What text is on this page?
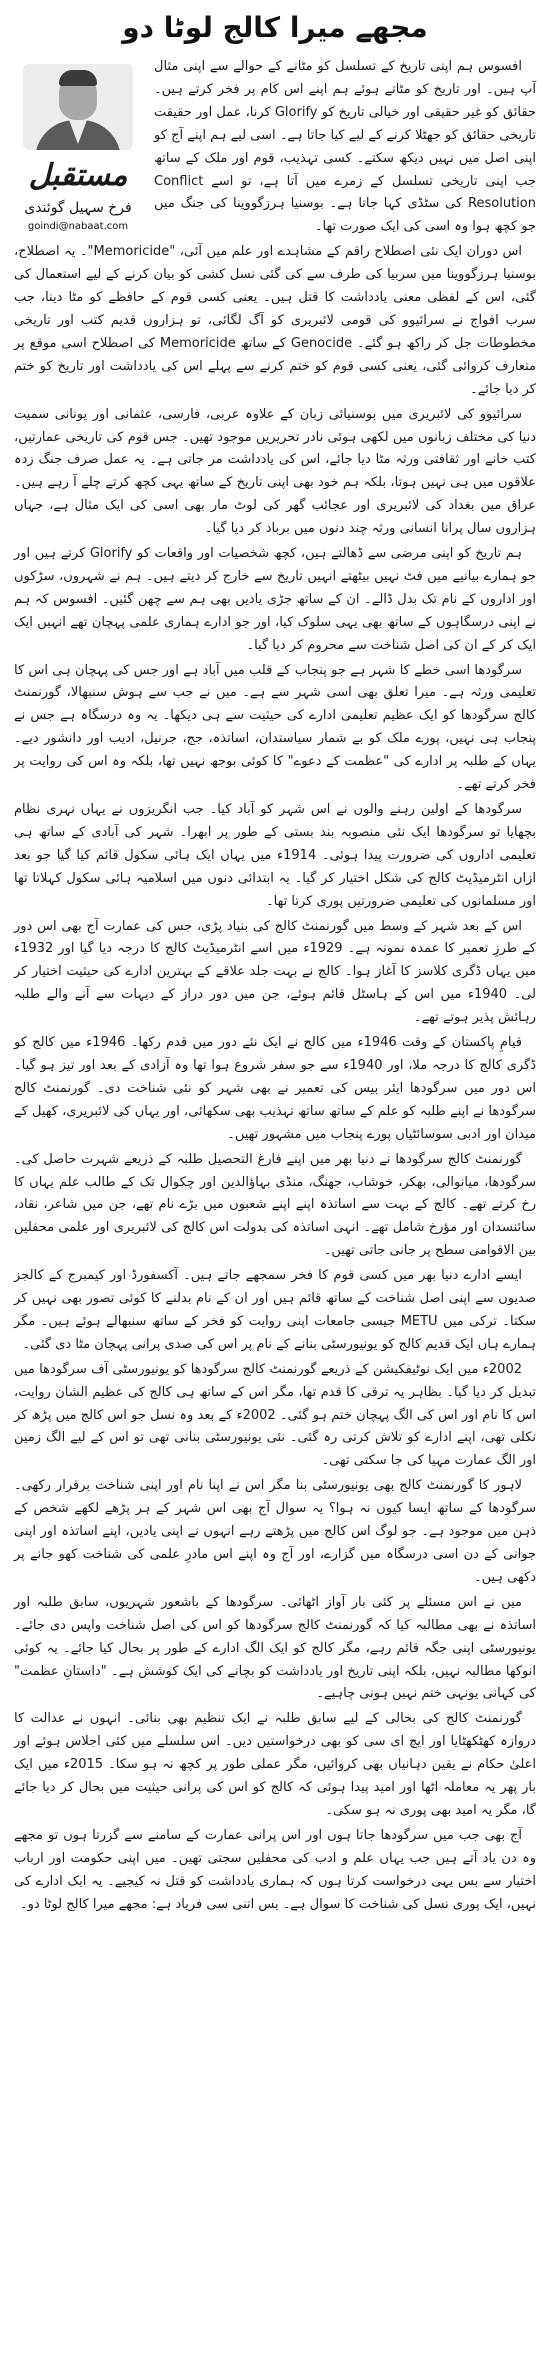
مجھے میرا کالج لوٹا دو
مستقبل
فرخ سہیل گوئندی
goindi@nabaat.com

افسوس ہم اپنی تاریخ کے تسلسل کو مٹانے کے حوالے سے اپنی مثال آپ ہیں۔ اور تاریخ کو مٹاتے ہوئے ہم اپنے اس کام پر فخر کرتے ہیں۔ حقائق کو غیر حقیقی اور خیالی تاریخ کو Glorify کرنا، عمل اور حقیقت تاریخی حقائق کو جھٹلا کرنے کے لیے کیا جاتا ہے۔ اسی لیے ہم اپنے آج کو اپنی اصل میں نہیں دیکھ سکتے۔ کسی تہذیب، قوم اور ملک کے ساتھ جب اپنی تاریخی تسلسل کے زمرے میں آتا ہے، تو اسے Conflict Resolution کی سٹڈی کہا جاتا ہے۔ بوسنیا ہرزگووینا کی جنگ میں جو کچھ ہوا وہ اسی کی ایک صورت تھا۔

اس دوران ایک نئی اصطلاح راقم کے مشاہدے اور علم میں آئی، "Memoricide"۔ یہ اصطلاح، بوسنیا ہرزگووینا میں سربیا کی طرف سے کی گئی نسل کشی کو بیان کرنے کے لیے استعمال کی گئی، اس کے لفظی معنی یادداشت کا قتل ہیں۔ یعنی کسی قوم کے حافظے کو مٹا دینا، جب سرب افواج نے سرائیوو کی قومی لائبریری کو آگ لگائی، تو ہزاروں قدیم کتب اور تاریخی مخطوطات جل کر راکھ ہو گئے۔ Genocide کے ساتھ Memoricide کی اصطلاح اسی موقع پر متعارف کروائی گئی، یعنی کسی قوم کو ختم کرنے سے پہلے اس کی یادداشت اور تاریخ کو ختم کر دیا جائے۔

سرائیوو کی لائبریری میں بوسنیائی زبان کے علاوہ عربی، فارسی، عثمانی اور یونانی سمیت دنیا کی مختلف زبانوں میں لکھی ہوئی نادر تحریریں موجود تھیں۔ جس قوم کی تاریخی عمارتیں، کتب خانے اور ثقافتی ورثہ مٹا دیا جائے، اس کی یادداشت مر جاتی ہے۔ یہ عمل صرف جنگ زدہ علاقوں میں ہی نہیں ہوتا، بلکہ ہم خود بھی اپنی تاریخ کے ساتھ یہی کچھ کرتے چلے آ رہے ہیں۔ عراق میں بغداد کی لائبریری اور عجائب گھر کی لوٹ مار بھی اسی کی ایک مثال ہے، جہاں ہزاروں سال پرانا انسانی ورثہ چند دنوں میں برباد کر دیا گیا۔

ہم تاریخ کو اپنی مرضی سے ڈھالتے ہیں، کچھ شخصیات اور واقعات کو Glorify کرتے ہیں اور جو ہمارے بیانیے میں فٹ نہیں بیٹھتے انہیں تاریخ سے خارج کر دیتے ہیں۔ ہم نے شہروں، سڑکوں اور اداروں کے نام تک بدل ڈالے۔ ان کے ساتھ جڑی یادیں بھی ہم سے چھن گئیں۔ افسوس کہ ہم نے اپنی درسگاہوں کے ساتھ بھی یہی سلوک کیا، اور جو ادارے ہماری علمی پہچان تھے انہیں ایک ایک کر کے ان کی اصل شناخت سے محروم کر دیا گیا۔

سرگودھا اسی خطے کا شہر ہے جو پنجاب کے قلب میں آباد ہے اور جس کی پہچان ہی اس کا تعلیمی ورثہ ہے۔ میرا تعلق بھی اسی شہر سے ہے۔ میں نے جب سے ہوش سنبھالا، گورنمنٹ کالج سرگودھا کو ایک عظیم تعلیمی ادارے کی حیثیت سے ہی دیکھا۔ یہ وہ درسگاہ ہے جس نے پنجاب ہی نہیں، پورے ملک کو بے شمار سیاستدان، اساتذہ، جج، جرنیل، ادیب اور دانشور دیے۔ یہاں کے طلبہ پر ادارے کی "عظمت کے دعوے" کا کوئی بوجھ نہیں تھا، بلکہ وہ اس کی روایت پر فخر کرتے تھے۔

سرگودھا کے اولین رہنے والوں نے اس شہر کو آباد کیا۔ جب انگریزوں نے یہاں نہری نظام بچھایا تو سرگودھا ایک نئی منصوبہ بند بستی کے طور پر ابھرا۔ شہر کی آبادی کے ساتھ ہی تعلیمی اداروں کی ضرورت پیدا ہوئی۔ 1914ء میں یہاں ایک ہائی سکول قائم کیا گیا جو بعد ازاں انٹرمیڈیٹ کالج کی شکل اختیار کر گیا۔ یہ ابتدائی دنوں میں اسلامیہ ہائی سکول کہلاتا تھا اور مسلمانوں کی تعلیمی ضرورتیں پوری کرتا تھا۔

اس کے بعد شہر کے وسط میں گورنمنٹ کالج کی بنیاد پڑی، جس کی عمارت آج بھی اس دور کے طرزِ تعمیر کا عمدہ نمونہ ہے۔ 1929ء میں اسے انٹرمیڈیٹ کالج کا درجہ دیا گیا اور 1932ء میں یہاں ڈگری کلاسز کا آغاز ہوا۔ کالج نے بہت جلد علاقے کے بہترین ادارے کی حیثیت اختیار کر لی۔ 1940ء میں اس کے ہاسٹل قائم ہوئے، جن میں دور دراز کے دیہات سے آنے والے طلبہ رہائش پذیر ہوتے تھے۔

قیامِ پاکستان کے وقت 1946ء میں کالج نے ایک نئے دور میں قدم رکھا۔ 1946ء میں کالج کو ڈگری کالج کا درجہ ملا، اور 1940ء سے جو سفر شروع ہوا تھا وہ آزادی کے بعد اور تیز ہو گیا۔ اس دور میں سرگودھا ایئر بیس کی تعمیر نے بھی شہر کو نئی شناخت دی۔ گورنمنٹ کالج سرگودھا نے اپنے طلبہ کو علم کے ساتھ ساتھ تہذیب بھی سکھائی، اور یہاں کی لائبریری، کھیل کے میدان اور ادبی سوسائٹیاں پورے پنجاب میں مشہور تھیں۔

گورنمنٹ کالج سرگودھا نے دنیا بھر میں اپنے فارغ التحصیل طلبہ کے ذریعے شہرت حاصل کی۔ سرگودھا، میانوالی، بھکر، خوشاب، جھنگ، منڈی بہاؤالدین اور چکوال تک کے طالب علم یہاں کا رخ کرتے تھے۔ کالج کے بہت سے اساتذہ اپنے اپنے شعبوں میں بڑے نام تھے، جن میں شاعر، نقاد، سائنسدان اور مؤرخ شامل تھے۔ انہی اساتذہ کی بدولت اس کالج کی لائبریری اور علمی محفلیں بین الاقوامی سطح پر جانی جاتی تھیں۔

ایسے ادارے دنیا بھر میں کسی قوم کا فخر سمجھے جاتے ہیں۔ آکسفورڈ اور کیمبرج کے کالجز صدیوں سے اپنی اصل شناخت کے ساتھ قائم ہیں اور ان کے نام بدلنے کا کوئی تصور بھی نہیں کر سکتا۔ ترکی میں METU جیسی جامعات اپنی روایت کو فخر کے ساتھ سنبھالے ہوئے ہیں۔ مگر ہمارے ہاں ایک قدیم کالج کو یونیورسٹی بنانے کے نام پر اس کی صدی پرانی پہچان مٹا دی گئی۔

2002ء میں ایک نوٹیفکیشن کے ذریعے گورنمنٹ کالج سرگودھا کو یونیورسٹی آف سرگودھا میں تبدیل کر دیا گیا۔ بظاہر یہ ترقی کا قدم تھا، مگر اس کے ساتھ ہی کالج کی عظیم الشان روایت، اس کا نام اور اس کی الگ پہچان ختم ہو گئی۔ 2002ء کے بعد وہ نسل جو اس کالج میں پڑھ کر نکلی تھی، اپنے ادارے کو تلاش کرتی رہ گئی۔ نئی یونیورسٹی بنانی تھی تو اس کے لیے الگ زمین اور الگ عمارت مہیا کی جا سکتی تھی۔

لاہور کا گورنمنٹ کالج بھی یونیورسٹی بنا مگر اس نے اپنا نام اور اپنی شناخت برقرار رکھی۔ سرگودھا کے ساتھ ایسا کیوں نہ ہوا؟ یہ سوال آج بھی اس شہر کے ہر پڑھے لکھے شخص کے ذہن میں موجود ہے۔ جو لوگ اس کالج میں پڑھتے رہے انہوں نے اپنی یادیں، اپنے اساتذہ اور اپنی جوانی کے دن اسی درسگاہ میں گزارے، اور آج وہ اپنے اس مادرِ علمی کی شناخت کھو جانے پر دکھی ہیں۔

میں نے اس مسئلے پر کئی بار آواز اٹھائی۔ سرگودھا کے باشعور شہریوں، سابق طلبہ اور اساتذہ نے بھی مطالبہ کیا کہ گورنمنٹ کالج سرگودھا کو اس کی اصل شناخت واپس دی جائے۔ یونیورسٹی اپنی جگہ قائم رہے، مگر کالج کو ایک الگ ادارے کے طور پر بحال کیا جائے۔ یہ کوئی انوکھا مطالبہ نہیں، بلکہ اپنی تاریخ اور یادداشت کو بچانے کی ایک کوشش ہے۔ "داستانِ عظمت" کی کہانی یونہی ختم نہیں ہونی چاہیے۔

گورنمنٹ کالج کی بحالی کے لیے سابق طلبہ نے ایک تنظیم بھی بنائی۔ انہوں نے عدالت کا دروازہ کھٹکھٹایا اور ایچ ای سی کو بھی درخواستیں دیں۔ اس سلسلے میں کئی اجلاس ہوئے اور اعلیٰ حکام نے یقین دہانیاں بھی کروائیں، مگر عملی طور پر کچھ نہ ہو سکا۔ 2015ء میں ایک بار پھر یہ معاملہ اٹھا اور امید پیدا ہوئی کہ کالج کو اس کی پرانی حیثیت میں بحال کر دیا جائے گا، مگر یہ امید بھی پوری نہ ہو سکی۔

آج بھی جب میں سرگودھا جاتا ہوں اور اس پرانی عمارت کے سامنے سے گزرتا ہوں تو مجھے وہ دن یاد آتے ہیں جب یہاں علم و ادب کی محفلیں سجتی تھیں۔ میں اپنی حکومت اور ارباب اختیار سے بس یہی درخواست کرتا ہوں کہ ہماری یادداشت کو قتل نہ کیجیے۔ یہ ایک ادارے کی نہیں، ایک پوری نسل کی شناخت کا سوال ہے۔ بس اتنی سی فریاد ہے: مجھے میرا کالج لوٹا دو۔
